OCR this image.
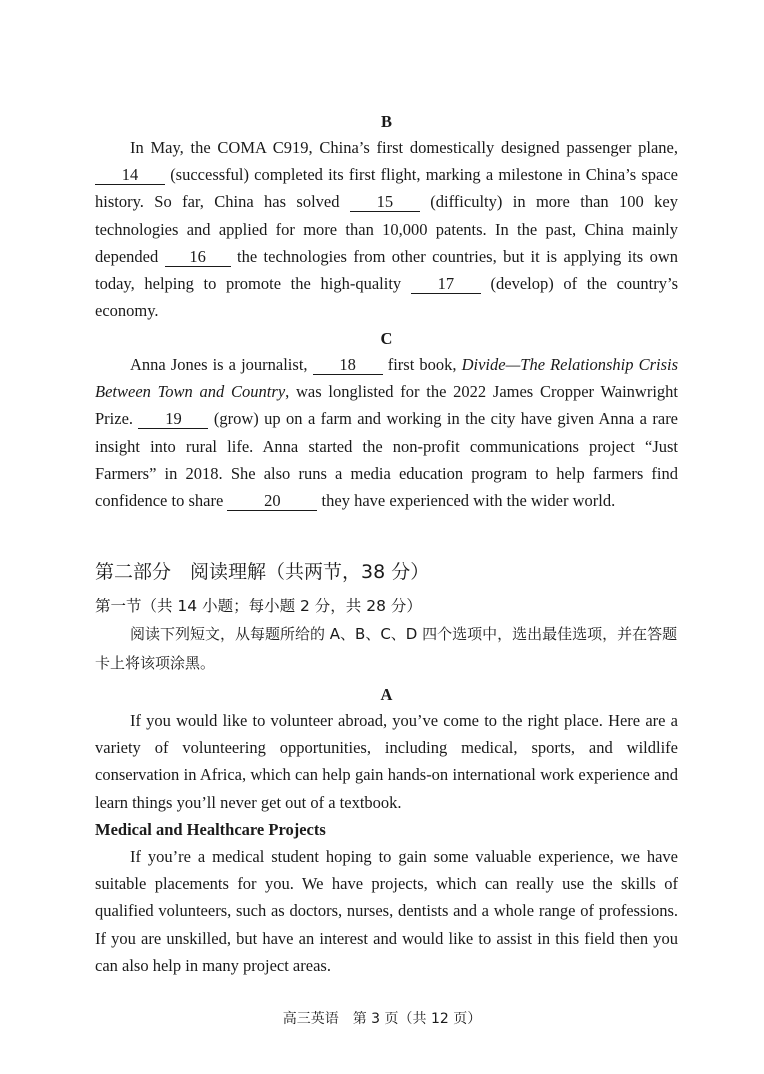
B

In May, the COMA C919, China’s first domestically designed passenger plane, 14 (successful) completed its first flight, marking a milestone in China’s space history. So far, China has solved 15 (difficulty) in more than 100 key technologies and applied for more than 10,000 patents. In the past, China mainly depended 16 the technologies from other countries, but it is applying its own today, helping to promote the high-quality 17 (develop) of the country’s economy.

C

Anna Jones is a journalist, 18 first book, Divide—The Relationship Crisis Between Town and Country, was longlisted for the 2022 James Cropper Wainwright Prize. 19 (grow) up on a farm and working in the city have given Anna a rare insight into rural life. Anna started the non-profit communications project “Just Farmers” in 2018. She also runs a media education program to help farmers find confidence to share 20 they have experienced with the wider world.

第二部分　阅读理解（共两节，38 分）
第一节（共 14 小题；每小题 2 分，共 28 分）

阅读下列短文，从每题所给的 A、B、C、D 四个选项中，选出最佳选项，并在答题卡上将该项涂黑。

A

If you would like to volunteer abroad, you’ve come to the right place. Here are a variety of volunteering opportunities, including medical, sports, and wildlife conservation in Africa, which can help gain hands-on international work experience and learn things you’ll never get out of a textbook.

Medical and Healthcare Projects

If you’re a medical student hoping to gain some valuable experience, we have suitable placements for you. We have projects, which can really use the skills of qualified volunteers, such as doctors, nurses, dentists and a whole range of professions. If you are unskilled, but have an interest and would like to assist in this field then you can also help in many project areas.

高三英语　第 3 页（共 12 页）
